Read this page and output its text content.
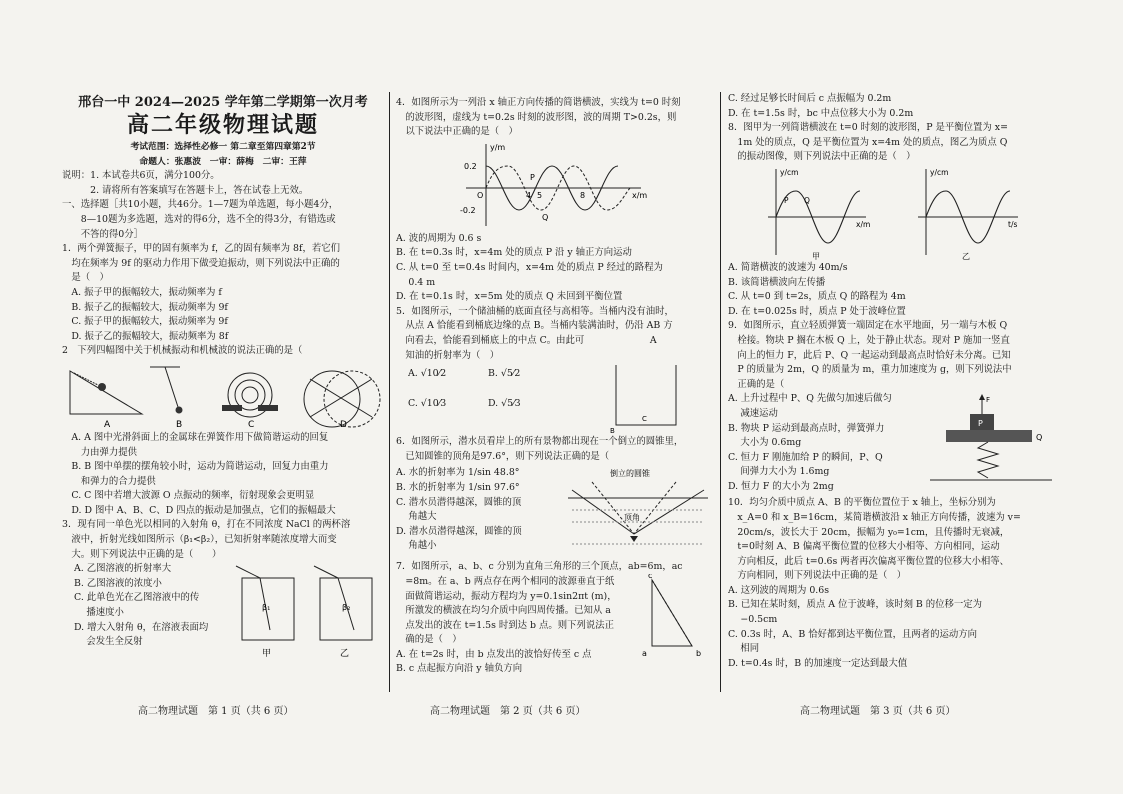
邢台一中 2024—2025 学年第二学期第一次月考
高二年级物理试题
考试范围：选择性必修一 第二章至第四章第2节
命题人：张惠波　一审：薛梅　二审：王萍
说明：1. 本试卷共6页，满分100分。
　　　2. 请将所有答案填写在答题卡上，答在试卷上无效。
一、选择题［共10小题，共46分。1—7题为单选题，每小题4分，
　　8—10题为多选题，选对的得6分，选不全的得3分，有错选或
　　不答的得0分］
1．两个弹簧振子，甲的固有频率为 f，乙的固有频率为 8f，若它们
　均在频率为 9f 的驱动力作用下做受迫振动，则下列说法中正确的
　是（　）
　A. 振子甲的振幅较大，振动频率为 f
　B. 振子乙的振幅较大，振动频率为 9f
　C. 振子甲的振幅较大，振动频率为 9f
　D. 振子乙的振幅较大，振动频率为 8f
2　下列四幅图中关于机械振动和机械波的说法正确的是（
A	B	C	D
　A. A 图中光滑斜面上的金属球在弹簧作用下做简谐运动的回复
　　力由弹力提供
　B. B 图中单摆的摆角较小时，运动为简谐运动，回复力由重力
　　和弹力的合力提供
　C. C 图中若增大波源 O 点振动的频率，衍射现象会更明显
　D. D 图中 A、B、C、D 四点的振动是加强点，它们的振幅最大
3．现有同一单色光以相同的入射角 θ，打在不同浓度 NaCl 的两杯溶
　液中，折射光线如图所示（β₁<β₂），已知折射率随浓度增大而变
　大。则下列说法中正确的是（　　）
A. 乙图溶液的折射率大
B. 乙图溶液的浓度小
C. 此单色光在乙图溶液中的传
　 播速度小
D. 增大入射角 θ，在溶液表面均
　 会发生全反射
β₁	β₂
甲	乙
4．如图所示为一列沿 x 轴正方向传播的简谐横波，实线为 t=0 时刻
　的波形图，虚线为 t=0.2s 时刻的波形图，波的周期 T>0.2s，则
　以下说法中正确的是（　）
y/m
x/m
0.2
-0.2
O	4 5	8
P
Q
A. 波的周期为 0.6 s
B. 在 t=0.3s 时，x=4m 处的质点 P 沿 y 轴正方向运动
C. 从 t=0 至 t=0.4s 时间内，x=4m 处的质点 P 经过的路程为
　 0.4 m
D. 在 t=0.1s 时，x=5m 处的质点 Q 未回到平衡位置
5．如图所示，一个储油桶的底面直径与高相等。当桶内没有油时，
　从点 A 恰能看到桶底边缘的点 B。当桶内装满油时，仍沿 AB 方
　向看去，恰能看到桶底上的中点 C。由此可　　　　　　　A
　知油的折射率为（　）
A. √10⁄2	B. √5⁄2
C. √10⁄3	D. √5⁄3
B
C
6．如图所示，潜水员看岸上的所有景物都出现在一个倒立的圆锥里，
　已知圆锥的顶角是97.6°，则下列说法正确的是（
A. 水的折射率为 1/sin 48.8°
B. 水的折射率为 1/sin 97.6°
C. 潜水员潜得越深，圆锥的顶
　 角越大
D. 潜水员潜得越深，圆锥的顶
　 角越小
倒立的圆锥
顶角
7．如图所示，a、b、c 分别为直角三角形的三个顶点，ab=6m，ac
　=8m。在 a、b 两点存在两个相同的波源垂直于纸
　面做简谐运动，振动方程均为 y=0.1sin2πt (m)，
　所激发的横波在均匀介质中向四周传播。已知从 a
　点发出的波在 t=1.5s 时到达 b 点。则下列说法正
　确的是（　）
A. 在 t=2s 时，由 b 点发出的波恰好传至 c 点
B. c 点起振方向沿 y 轴负方向
a	b
c
C. 经过足够长时间后 c 点振幅为 0.2m
D. 在 t=1.5s 时，bc 中点位移大小为 0.2m
8．图甲为一列简谐横波在 t=0 时刻的波形图，P 是平衡位置为 x=
　1m 处的质点，Q 是平衡位置为 x=4m 处的质点，图乙为质点 Q
　的振动图像，则下列说法中正确的是（　）
y/cm
x/m
P Q
甲
y/cm
t/s
乙
A. 简谐横波的波速为 40m/s
B. 该简谐横波向左传播
C. 从 t=0 到 t=2s，质点 Q 的路程为 4m
D. 在 t=0.025s 时，质点 P 处于波峰位置
9．如图所示，直立轻质弹簧一端固定在水平地面，另一端与木板 Q
　栓接。物块 P 搁在木板 Q 上，处于静止状态。现对 P 施加一竖直
　向上的恒力 F，此后 P、Q 一起运动到最高点时恰好未分离。已知
　P 的质量为 2m，Q 的质量为 m，重力加速度为 g，则下列说法中
　正确的是（
A. 上升过程中 P、Q 先做匀加速后做匀
　 减速运动
B. 物块 P 运动到最高点时，弹簧弹力
　 大小为 0.6mg
C. 恒力 F 刚施加给 P 的瞬间，P、Q
　 间弹力大小为 1.6mg
D. 恒力 F 的大小为 2mg
F
P
Q
10．均匀介质中质点 A、B 的平衡位置位于 x 轴上，坐标分别为
　x_A=0 和 x_B=16cm，某简谐横波沿 x 轴正方向传播，波速为 v=
　20cm/s，波长大于 20cm，振幅为 y₀=1cm，且传播时无衰减，
　t=0时刻 A、B 偏离平衡位置的位移大小相等、方向相同，运动
　方向相反，此后 t=0.6s 两者再次偏离平衡位置的位移大小相等、
　方向相同，则下列说法中正确的是（　）
A. 这列波的周期为 0.6s
B. 已知在某时刻，质点 A 位于波峰，该时刻 B 的位移一定为
　 −0.5cm
C. 0.3s 时，A、B 恰好都到达平衡位置，且两者的运动方向
　 相同
D. t=0.4s 时，B 的加速度一定达到最大值
高二物理试题　第 1 页（共 6 页）	高二物理试题　第 2 页（共 6 页）	高二物理试题　第 3 页（共 6 页）
